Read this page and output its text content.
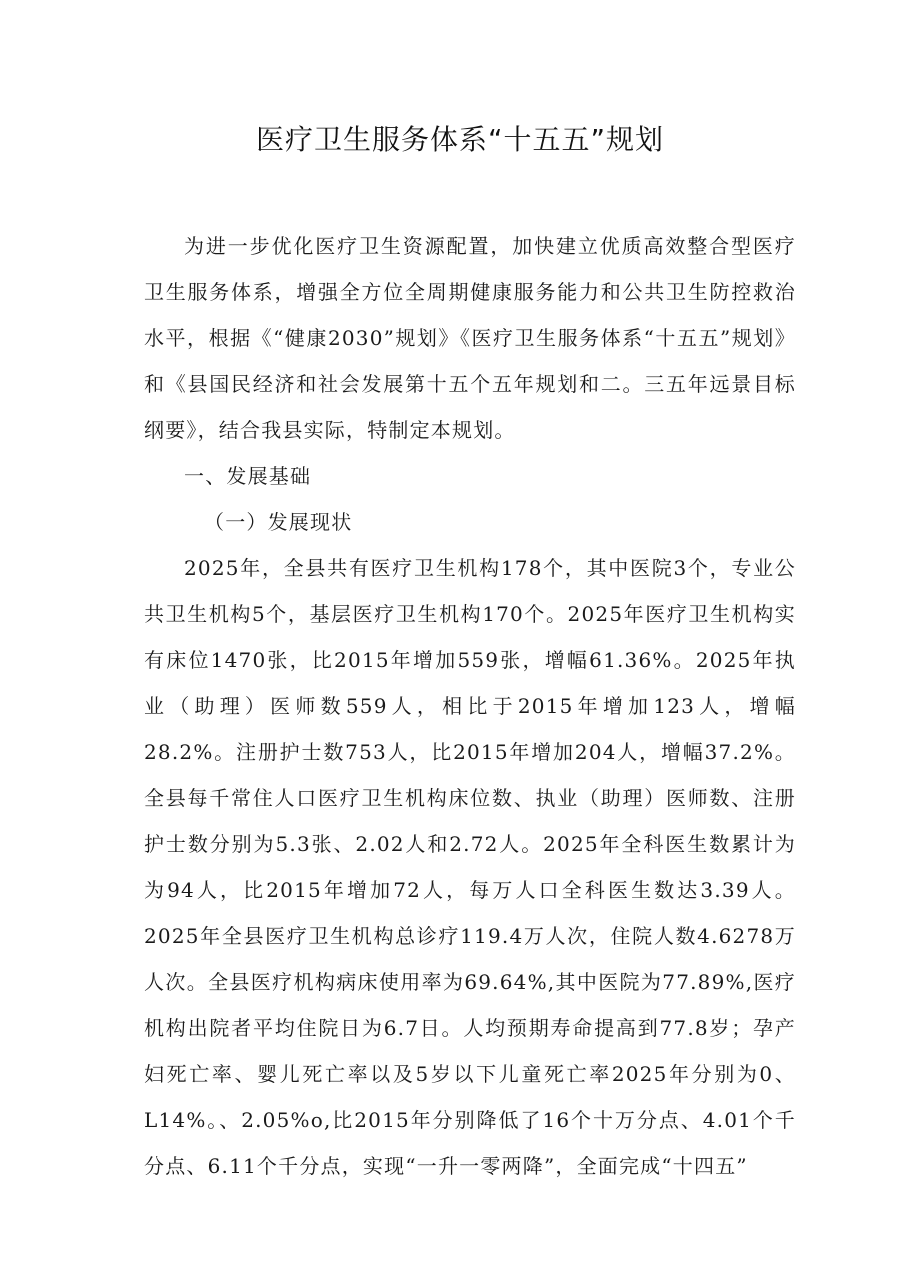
医疗卫生服务体系“十五五”规划

为进一步优化医疗卫生资源配置，加快建立优质高效整合型医疗卫生服务体系，增强全方位全周期健康服务能力和公共卫生防控救治水平，根据《“健康2030”规划》《医疗卫生服务体系“十五五”规划》和《县国民经济和社会发展第十五个五年规划和二。三五年远景目标纲要》，结合我县实际，特制定本规划。

一、发展基础

（一）发展现状

2025年，全县共有医疗卫生机构178个，其中医院3个，专业公共卫生机构5个，基层医疗卫生机构170个。2025年医疗卫生机构实有床位1470张，比2015年增加559张，增幅61.36%。2025年执业（助理）医师数559人，相比于2015年增加123人，增幅28.2%。注册护士数753人，比2015年增加204人，增幅37.2%。全县每千常住人口医疗卫生机构床位数、执业（助理）医师数、注册护士数分别为5.3张、2.02人和2.72人。2025年全科医生数累计为为94人，比2015年增加72人，每万人口全科医生数达3.39人。2025年全县医疗卫生机构总诊疗119.4万人次，住院人数4.6278万人次。全县医疗机构病床使用率为69.64%,其中医院为77.89%,医疗机构出院者平均住院日为6.7日。人均预期寿命提高到77.8岁；孕产妇死亡率、婴儿死亡率以及5岁以下儿童死亡率2025年分别为0、L14%。、2.05%o,比2015年分别降低了16个十万分点、4.01个千分点、6.11个千分点，实现“一升一零两降”，全面完成“十四五”
